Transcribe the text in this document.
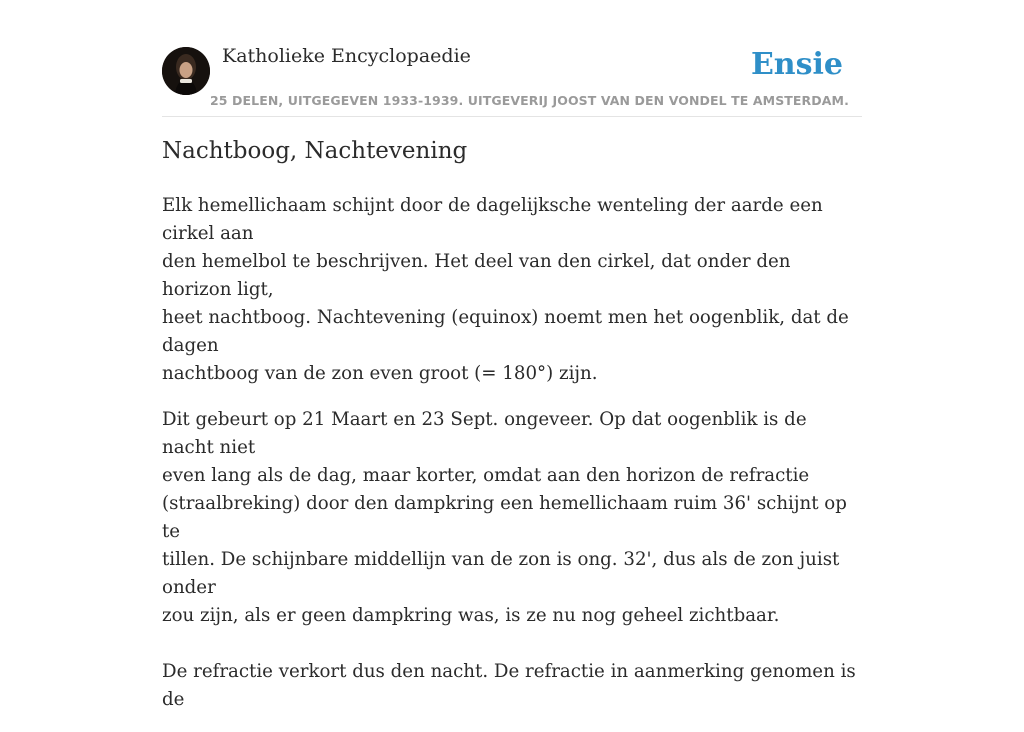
Katholieke Encyclopaedie
25 DELEN, UITGEGEVEN 1933-1939. UITGEVERIJ JOOST VAN DEN VONDEL TE AMSTERDAM.
Ensie
Nachtboog, Nachtevening

Elk hemellichaam schijnt door de dagelijksche wenteling der aarde een cirkel aan
den hemelbol te beschrijven. Het deel van den cirkel, dat onder den horizon ligt,
heet nachtboog. Nachtevening (equinox) noemt men het oogenblik, dat de dagen
nachtboog van de zon even groot (= 180°) zijn.

Dit gebeurt op 21 Maart en 23 Sept. ongeveer. Op dat oogenblik is de nacht niet
even lang als de dag, maar korter, omdat aan den horizon de refractie
(straalbreking) door den dampkring een hemellichaam ruim 36' schijnt op te
tillen. De schijnbare middellijn van de zon is ong. 32', dus als de zon juist onder
zou zijn, als er geen dampkring was, is ze nu nog geheel zichtbaar.

De refractie verkort dus den nacht. De refractie in aanmerking genomen is de
